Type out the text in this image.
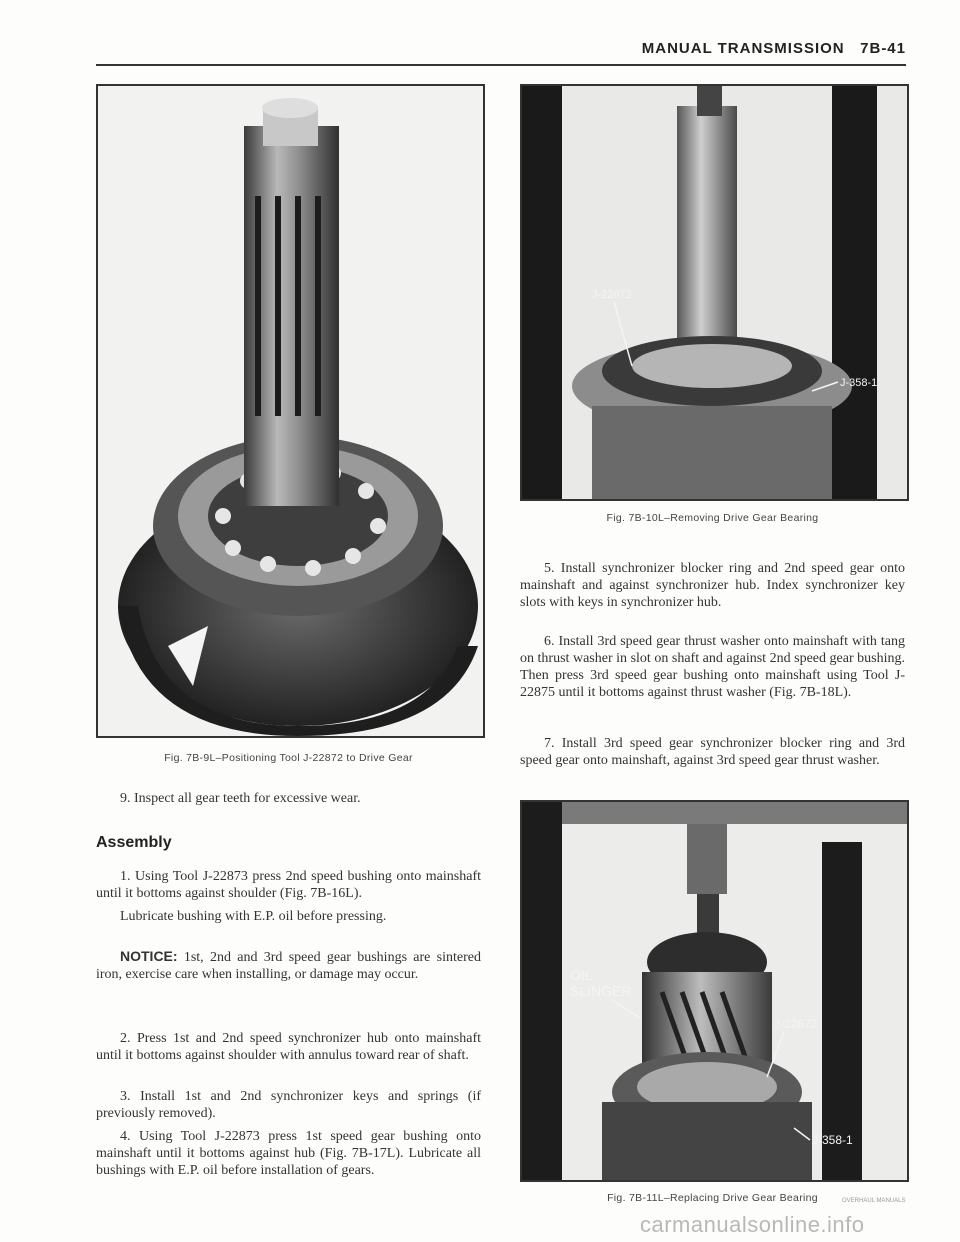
MANUAL TRANSMISSION   7B-41
Fig. 7B-9L–Positioning Tool J-22872 to Drive Gear
J-22872
J-358-1
Fig. 7B-10L–Removing Drive Gear Bearing

9. Inspect all gear teeth for excessive wear.

Assembly

1. Using Tool J-22873 press 2nd speed bushing onto mainshaft until it bottoms against shoulder (Fig. 7B-16L).

Lubricate bushing with E.P. oil before pressing.

NOTICE: 1st, 2nd and 3rd speed gear bushings are sintered iron, exercise care when installing, or damage may occur.

2. Press 1st and 2nd speed synchronizer hub onto mainshaft until it bottoms against shoulder with annulus toward rear of shaft.

3. Install 1st and 2nd synchronizer keys and springs (if previously removed).

4. Using Tool J-22873 press 1st speed gear bushing onto mainshaft until it bottoms against hub (Fig. 7B-17L). Lubricate all bushings with E.P. oil before installation of gears.

5. Install synchronizer blocker ring and 2nd speed gear onto mainshaft and against synchronizer hub. Index synchronizer key slots with keys in synchronizer hub.

6. Install 3rd speed gear thrust washer onto mainshaft with tang on thrust washer in slot on shaft and against 2nd speed gear bushing. Then press 3rd speed gear bushing onto mainshaft using Tool J-22875 until it bottoms against thrust washer (Fig. 7B-18L).

7. Install 3rd speed gear synchronizer blocker ring and 3rd speed gear onto mainshaft, against 3rd speed gear thrust washer.

OIL
SLINGER
J-22872
J-358-1
Fig. 7B-11L–Replacing Drive Gear Bearing	OVERHAUL MANUALS
carmanualsonline.info
